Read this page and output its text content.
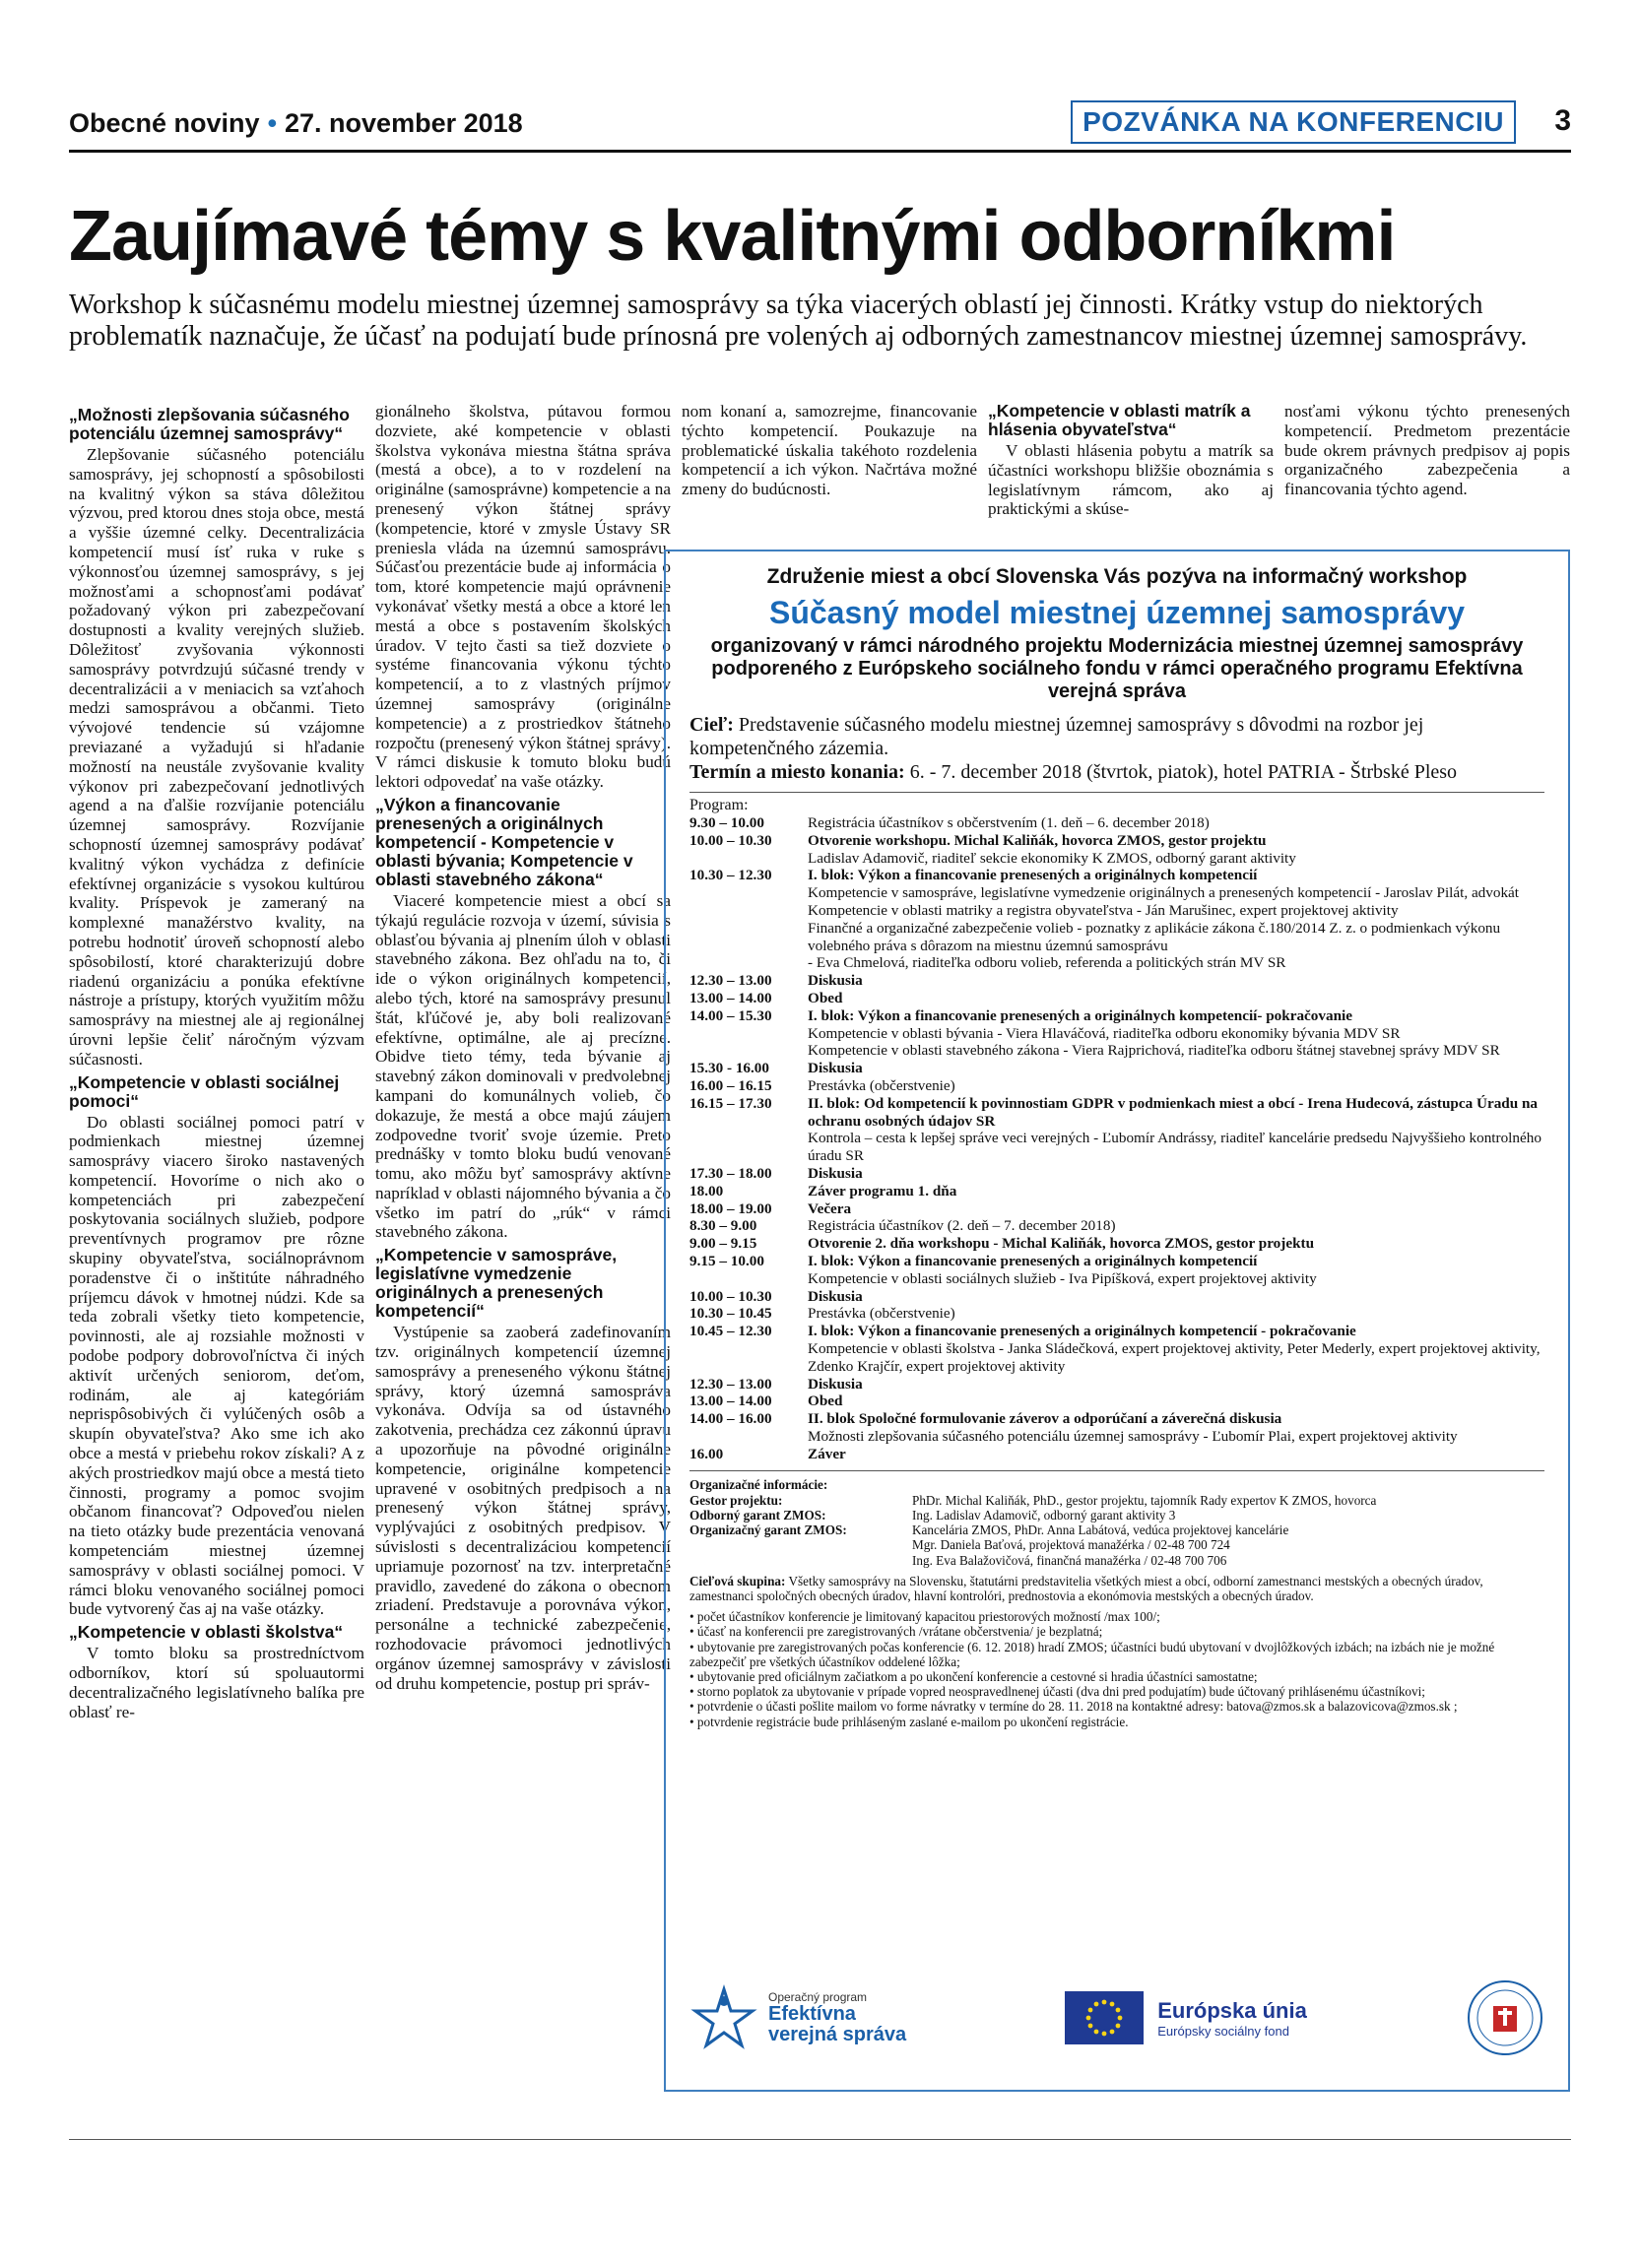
Obecné noviny • 27. november 2018	POZVÁNKA NA KONFERENCIU	3
Zaujímavé témy s kvalitnými odborníkmi
Workshop k súčasnému modelu miestnej územnej samosprávy sa týka viacerých oblastí jej činnosti. Krátky vstup do niektorých problematík naznačuje, že účasť na podujatí bude prínosná pre volených aj odborných zamestnancov miestnej územnej samosprávy.
„Možnosti zlepšovania súčasného potenciálu územnej samosprávy“

Zlepšovanie súčasného potenciálu samosprávy, jej schopností a spôsobilosti na kvalitný výkon sa stáva dôležitou výzvou, pred ktorou dnes stoja obce, mestá a vyššie územné celky. Decentralizácia kompetencií musí ísť ruka v ruke s výkonnosťou územnej samosprávy, s jej možnosťami a schopnosťami podávať požadovaný výkon pri zabezpečovaní dostupnosti a kvality verejných služieb. Dôležitosť zvyšovania výkonnosti samosprávy potvrdzujú súčasné trendy v decentralizácii a v meniacich sa vzťahoch medzi samosprávou a občanmi. Tieto vývojové tendencie sú vzájomne previazané a vyžadujú si hľadanie možností na neustále zvyšovanie kvality výkonov pri zabezpečovaní jednotlivých agend a na ďalšie rozvíjanie potenciálu územnej samosprávy. Rozvíjanie schopností územnej samosprávy podávať kvalitný výkon vychádza z definície efektívnej organizácie s vysokou kultúrou kvality. Príspevok je zameraný na komplexné manažérstvo kvality, na potrebu hodnotiť úroveň schopností alebo spôsobilostí, ktoré charakterizujú dobre riadenú organizáciu a ponúka efektívne nástroje a prístupy, ktorých využitím môžu samosprávy na miestnej ale aj regionálnej úrovni lepšie čeliť náročným výzvam súčasnosti.

„Kompetencie v oblasti sociálnej pomoci“

Do oblasti sociálnej pomoci patrí v podmienkach miestnej územnej samosprávy viacero široko nastavených kompetencií. Hovoríme o nich ako o kompetenciách pri zabezpečení poskytovania sociálnych služieb, podpore preventívnych programov pre rôzne skupiny obyvateľstva, sociálnoprávnom poradenstve či o inštitúte náhradného príjemcu dávok v hmotnej núdzi. Kde sa teda zobrali všetky tieto kompetencie, povinnosti, ale aj rozsiahle možnosti v podobe podpory dobrovoľníctva či iných aktivít určených seniorom, deťom, rodinám, ale aj kategóriám neprispôsobivých či vylúčených osôb a skupín obyvateľstva? Ako sme ich ako obce a mestá v priebehu rokov získali? A z akých prostriedkov majú obce a mestá tieto činnosti, programy a pomoc svojim občanom financovať? Odpoveďou nielen na tieto otázky bude prezentácia venovaná kompetenciám miestnej územnej samosprávy v oblasti sociálnej pomoci. V rámci bloku venovaného sociálnej pomoci bude vytvorený čas aj na vaše otázky.

„Kompetencie v oblasti školstva“

V tomto bloku sa prostredníctvom odborníkov, ktorí sú spoluautormi decentralizačného legislatívneho balíka pre oblasť re-

gionálneho školstva, pútavou formou dozviete, aké kompetencie v oblasti školstva vykonáva miestna štátna správa (mestá a obce), a to v rozdelení na originálne (samosprávne) kompetencie a na prenesený výkon štátnej správy (kompetencie, ktoré v zmysle Ústavy SR preniesla vláda na územnú samosprávu. Súčasťou prezentácie bude aj informácia o tom, ktoré kompetencie majú oprávnenie vykonávať všetky mestá a obce a ktoré len mestá a obce s postavením školských úradov. V tejto časti sa tiež dozviete o systéme financovania výkonu týchto kompetencií, a to z vlastných príjmov územnej samosprávy (originálne kompetencie) a z prostriedkov štátneho rozpočtu (prenesený výkon štátnej správy). V rámci diskusie k tomuto bloku budú lektori odpovedať na vaše otázky.

„Výkon a financovanie prenesených a originálnych kompetencií - Kompetencie v oblasti bývania; Kompetencie v oblasti stavebného zákona“

Viaceré kompetencie miest a obcí sa týkajú regulácie rozvoja v území, súvisia s oblasťou bývania aj plnením úloh v oblasti stavebného zákona. Bez ohľadu na to, či ide o výkon originálnych kompetencií, alebo tých, ktoré na samosprávy presunul štát, kľúčové je, aby boli realizované efektívne, optimálne, ale aj precízne. Obidve tieto témy, teda bývanie aj stavebný zákon dominovali v predvolebnej kampani do komunálnych volieb, čo dokazuje, že mestá a obce majú záujem zodpovedne tvoriť svoje územie. Preto prednášky v tomto bloku budú venované tomu, ako môžu byť samosprávy aktívne napríklad v oblasti nájomného bývania a čo všetko im patrí do „rúk“ v rámci stavebného zákona.

„Kompetencie v samospráve, legislatívne vymedzenie originálnych a prenesených kompetencií“

Vystúpenie sa zaoberá zadefinovaním tzv. originálnych kompetencií územnej samosprávy a preneseného výkonu štátnej správy, ktorý územná samospráva vykonáva. Odvíja sa od ústavného zakotvenia, prechádza cez zákonnú úpravu a upozorňuje na pôvodné originálne kompetencie, originálne kompetencie upravené v osobitných predpisoch a na prenesený výkon štátnej správy, vyplývajúci z osobitných predpisov. V súvislosti s decentralizáciou kompetencií upriamuje pozornosť na tzv. interpretačné pravidlo, zavedené do zákona o obecnom zriadení. Predstavuje a porovnáva výkon, personálne a technické zabezpečenie, rozhodovacie právomoci jednotlivých orgánov územnej samosprávy v závislosti od druhu kompetencie, postup pri správ-

nom konaní a, samozrejme, financovanie týchto kompetencií. Poukazuje na problematické úskalia takéhoto rozdelenia kompetencií a ich výkon. Načrtáva možné zmeny do budúcnosti.

„Kompetencie v oblasti matrík a hlásenia obyvateľstva“

V oblasti hlásenia pobytu a matrík sa účastníci workshopu bližšie oboznámia s legislatívnym rámcom, ako aj praktickými a skúse-

nosťami výkonu týchto prenesených kompetencií. Predmetom prezentácie bude okrem právnych predpisov aj popis organizačného zabezpečenia a financovania týchto agend.

Združenie miest a obcí Slovenska Vás pozýva na informačný workshop
Súčasný model miestnej územnej samosprávy
organizovaný v rámci národného projektu Modernizácia miestnej územnej samosprávy podporeného z Európskeho sociálneho fondu v rámci operačného programu Efektívna verejná správa
Cieľ: Predstavenie súčasného modelu miestnej územnej samosprávy s dôvodmi na rozbor jej kompetenčného zázemia.
Termín a miesto konania: 6. - 7. december 2018 (štvrtok, piatok), hotel PATRIA - Štrbské Pleso
Program:
9.30 – 10.00	Registrácia účastníkov s občerstvením (1. deň – 6. december 2018)
10.00 – 10.30	Otvorenie workshopu. Michal Kaliňák, hovorca ZMOS, gestor projektu
Ladislav Adamovič, riaditeľ sekcie ekonomiky K ZMOS, odborný garant aktivity
10.30 – 12.30	I. blok: Výkon a financovanie prenesených a originálnych kompetencií
Kompetencie v samospráve, legislatívne vymedzenie originálnych a prenesených kompetencií - Jaroslav Pilát, advokát
Kompetencie v oblasti matriky a registra obyvateľstva - Ján Marušinec, expert projektovej aktivity
Finančné a organizačné zabezpečenie volieb - poznatky z aplikácie zákona č.180/2014 Z. z. o podmienkach výkonu volebného práva s dôrazom na miestnu územnú samosprávu
- Eva Chmelová, riaditeľka odboru volieb, referenda a politických strán MV SR
12.30 – 13.00	Diskusia
13.00 – 14.00	Obed
14.00 – 15.30	I. blok: Výkon a financovanie prenesených a originálnych kompetencií- pokračovanie
Kompetencie v oblasti bývania - Viera Hlaváčová, riaditeľka odboru ekonomiky bývania MDV SR
Kompetencie v oblasti stavebného zákona - Viera Rajprichová, riaditeľka odboru štátnej stavebnej správy MDV SR
15.30 - 16.00	Diskusia
16.00 – 16.15	Prestávka (občerstvenie)
16.15 – 17.30	II. blok: Od kompetencií k povinnostiam GDPR v podmienkach miest a obcí - Irena Hudecová, zástupca Úradu na ochranu osobných údajov SR
Kontrola – cesta k lepšej správe veci verejných - Ľubomír Andrássy, riaditeľ kancelárie predsedu Najvyššieho kontrolného úradu SR
17.30 – 18.00	Diskusia
18.00	Záver programu 1. dňa
18.00 – 19.00	Večera
8.30 – 9.00	Registrácia účastníkov (2. deň – 7. december 2018)
9.00 – 9.15	Otvorenie 2. dňa workshopu - Michal Kaliňák, hovorca ZMOS, gestor projektu
9.15 – 10.00	I. blok: Výkon a financovanie prenesených a originálnych kompetencií
Kompetencie v oblasti sociálnych služieb - Iva Pipíšková, expert projektovej aktivity
10.00 – 10.30	Diskusia
10.30 – 10.45	Prestávka (občerstvenie)
10.45 – 12.30	I. blok: Výkon a financovanie prenesených a originálnych kompetencií - pokračovanie
Kompetencie v oblasti školstva - Janka Sládečková, expert projektovej aktivity, Peter Mederly, expert projektovej aktivity, Zdenko Krajčír, expert projektovej aktivity
12.30 – 13.00	Diskusia
13.00 – 14.00	Obed
14.00 – 16.00	II. blok Spoločné formulovanie záverov a odporúčaní a záverečná diskusia
Možnosti zlepšovania súčasného potenciálu územnej samosprávy - Ľubomír Plai, expert projektovej aktivity
16.00	Záver
Organizačné informácie:
Gestor projektu:	PhDr. Michal Kaliňák, PhD., gestor projektu, tajomník Rady expertov K ZMOS, hovorca
Odborný garant ZMOS:	Ing. Ladislav Adamovič, odborný garant aktivity 3
Organizačný garant ZMOS:	Kancelária ZMOS, PhDr. Anna Labátová, vedúca projektovej kancelárie
Mgr. Daniela Baťová, projektová manažérka / 02-48 700 724
Ing. Eva Balažovičová, finančná manažérka / 02-48 700 706
Cieľová skupina: Všetky samosprávy na Slovensku, štatutárni predstavitelia všetkých miest a obcí, odborní zamestnanci mestských a obecných úradov, zamestnanci spoločných obecných úradov, hlavní kontrolóri, prednostovia a ekonómovia mestských a obecných úradov.
• počet účastníkov konferencie je limitovaný kapacitou priestorových možností /max 100/;
• účasť na konferencii pre zaregistrovaných /vrátane občerstvenia/ je bezplatná;
• ubytovanie pre zaregistrovaných počas konferencie (6. 12. 2018) hradí ZMOS; účastníci budú ubytovaní v dvojlôžkových izbách; na izbách nie je možné zabezpečiť pre všetkých účastníkov oddelené lôžka;
• ubytovanie pred oficiálnym začiatkom a po ukončení konferencie a cestovné si hradia účastníci samostatne;
• storno poplatok za ubytovanie v prípade vopred neospravedlnenej účasti (dva dni pred podujatím) bude účtovaný prihlásenému účastníkovi;
• potvrdenie o účasti pošlite mailom vo forme návratky v termíne do 28. 11. 2018 na kontaktné adresy: batova@zmos.sk a balazovicova@zmos.sk ;
• potvrdenie registrácie bude prihláseným zaslané e-mailom po ukončení registrácie.
Operačný program
Efektívna
verejná správa
Európska únia
Európsky sociálny fond
